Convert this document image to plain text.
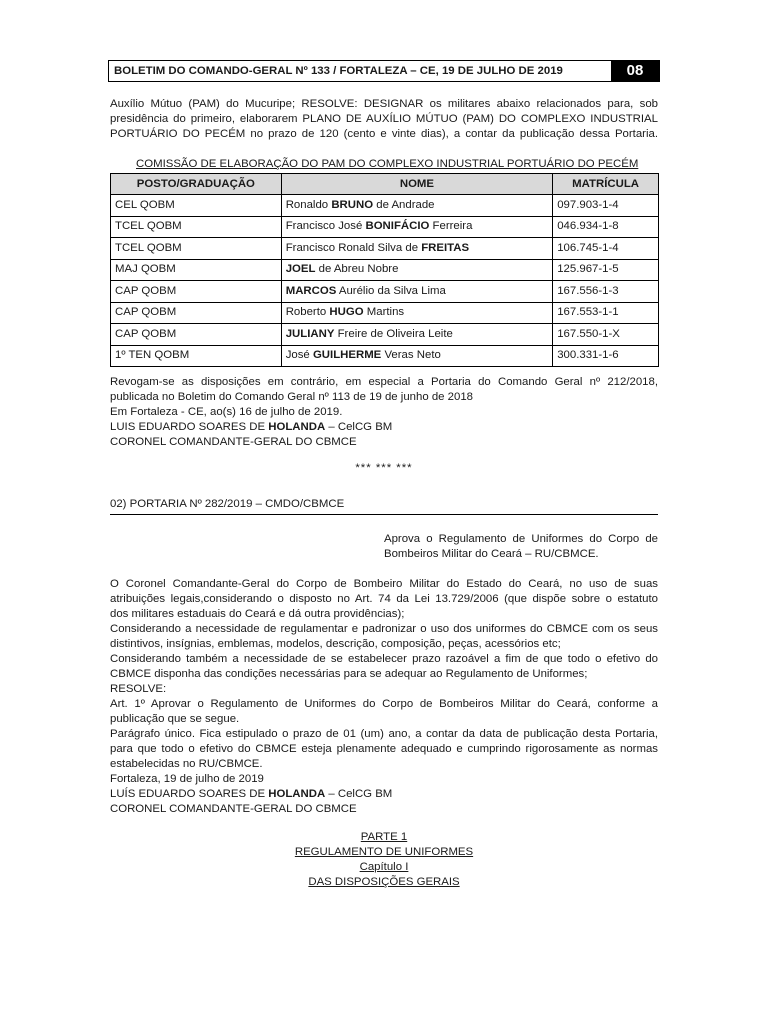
BOLETIM DO COMANDO-GERAL Nº 133 / FORTALEZA – CE, 19 DE JULHO DE 2019	08

Auxílio Mútuo (PAM) do Mucuripe; RESOLVE: DESIGNAR os militares abaixo relacionados para, sob

presidência do primeiro, elaborarem PLANO DE AUXÍLIO MÚTUO (PAM) DO COMPLEXO INDUSTRIAL

PORTUÁRIO DO PECÉM no prazo de 120 (cento e vinte dias), a contar da publicação dessa Portaria.

COMISSÃO DE ELABORAÇÃO DO PAM DO COMPLEXO INDUSTRIAL PORTUÁRIO DO PECÉM
POSTO/GRADUAÇÃO	NOME	MATRÍCULA
CEL QOBM	Ronaldo BRUNO de Andrade	097.903-1-4
TCEL QOBM	Francisco José BONIFÁCIO Ferreira	046.934-1-8
TCEL QOBM	Francisco Ronald Silva de FREITAS	106.745-1-4
MAJ QOBM	JOEL de Abreu Nobre	125.967-1-5
CAP QOBM	MARCOS Aurélio da Silva Lima	167.556-1-3
CAP QOBM	Roberto HUGO Martins	167.553-1-1
CAP QOBM	JULIANY Freire de Oliveira Leite	167.550-1-X
1º TEN QOBM	José GUILHERME Veras Neto	300.331-1-6

Revogam-se as disposições em contrário, em especial a Portaria do Comando Geral nº 212/2018,

publicada no Boletim do Comando Geral nº 113 de 19 de junho de 2018

Em Fortaleza - CE, ao(s) 16 de julho de 2019.

LUIS EDUARDO SOARES DE HOLANDA – CelCG BM

CORONEL COMANDANTE-GERAL DO CBMCE

*** *** ***
02) PORTARIA Nº 282/2019 – CMDO/CBMCE

Aprova o Regulamento de Uniformes do Corpo de

Bombeiros Militar do Ceará – RU/CBMCE.

O Coronel Comandante-Geral do Corpo de Bombeiro Militar do Estado do Ceará, no uso de suas

atribuições legais,considerando o disposto no Art. 74 da Lei 13.729/2006 (que dispõe sobre o estatuto

dos militares estaduais do Ceará e dá outra providências);

Considerando a necessidade de regulamentar e padronizar o uso dos uniformes do CBMCE com os seus

distintivos, insígnias, emblemas, modelos, descrição, composição, peças, acessórios etc;

Considerando também a necessidade de se estabelecer prazo razoável a fim de que todo o efetivo do

CBMCE disponha das condições necessárias para se adequar ao Regulamento de Uniformes;

RESOLVE:

Art. 1º Aprovar o Regulamento de Uniformes do Corpo de Bombeiros Militar do Ceará, conforme a

publicação que se segue.

Parágrafo único. Fica estipulado o prazo de 01 (um) ano, a contar da data de publicação desta Portaria,

para que todo o efetivo do CBMCE esteja plenamente adequado e cumprindo rigorosamente as normas

estabelecidas no RU/CBMCE.

Fortaleza, 19 de julho de 2019

LUÍS EDUARDO SOARES DE HOLANDA – CelCG BM

CORONEL COMANDANTE-GERAL DO CBMCE

PARTE 1
REGULAMENTO DE UNIFORMES
Capítulo I
DAS DISPOSIÇÕES GERAIS
